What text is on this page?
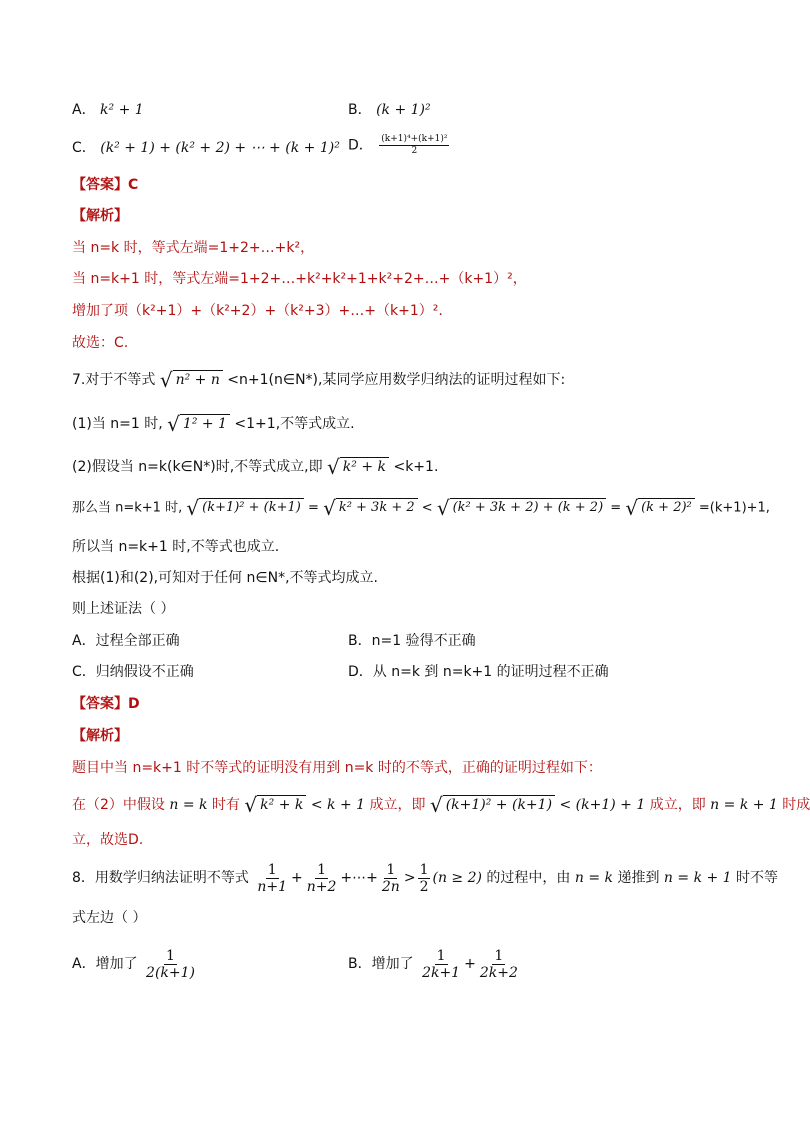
A． k² + 1	B． (k + 1)²
C． (k² + 1) + (k² + 2) + ⋯ + (k + 1)² D． $\frac{\text{(k+1)⁴+(k+1)²}}{2}$
【答案】C
【解析】
当 n=k 时，等式左端=1+2+…+k²，
当 n=k+1 时，等式左端=1+2+…+k²+k²+1+k²+2+…+（k+1）²，
增加了项（k²+1）+（k²+2）+（k²+3）+…+（k+1）².
故选：C.
7.对于不等式 √ n² + n <n+1(n∈N*),某同学应用数学归纳法的证明过程如下:
(1)当 n=1 时, √ 1² + 1 <1+1,不等式成立.
(2)假设当 n=k(k∈N*)时,不等式成立,即 √ k² + k <k+1.
那么当 n=k+1 时, √ (k+1)² + (k+1) = √ k² + 3k + 2 < √ (k² + 3k + 2) + (k + 2) = √ (k + 2)² =(k+1)+1,
所以当 n=k+1 时,不等式也成立.
根据(1)和(2),可知对于任何 n∈N*,不等式均成立.
则上述证法（ ）
A．过程全部正确	B．n=1 验得不正确
C．归纳假设不正确	D．从 n=k 到 n=k+1 的证明过程不正确
【答案】D
【解析】
题目中当 n=k+1 时不等式的证明没有用到 n=k 时的不等式，正确的证明过程如下：
在（2）中假设 n = k 时有 √ k² + k < k + 1 成立，即 √ (k+1)² + (k+1) < (k+1) + 1 成立，即 n = k + 1 时成
立，故选D.
8．用数学归纳法证明不等式 $\frac{1}{n+1} + \frac{1}{n+2}$ +⋯+ $\frac{1}{2n} > \frac{1}{2} (n \ge 2)$ 的过程中，由 n = k 递推到 n = k + 1 时不等
式左边（ ）
A．增加了 $\frac{1}{2(k+1)}$	B．增加了 $\frac{1}{2k+1} + \frac{1}{2k+2}$
